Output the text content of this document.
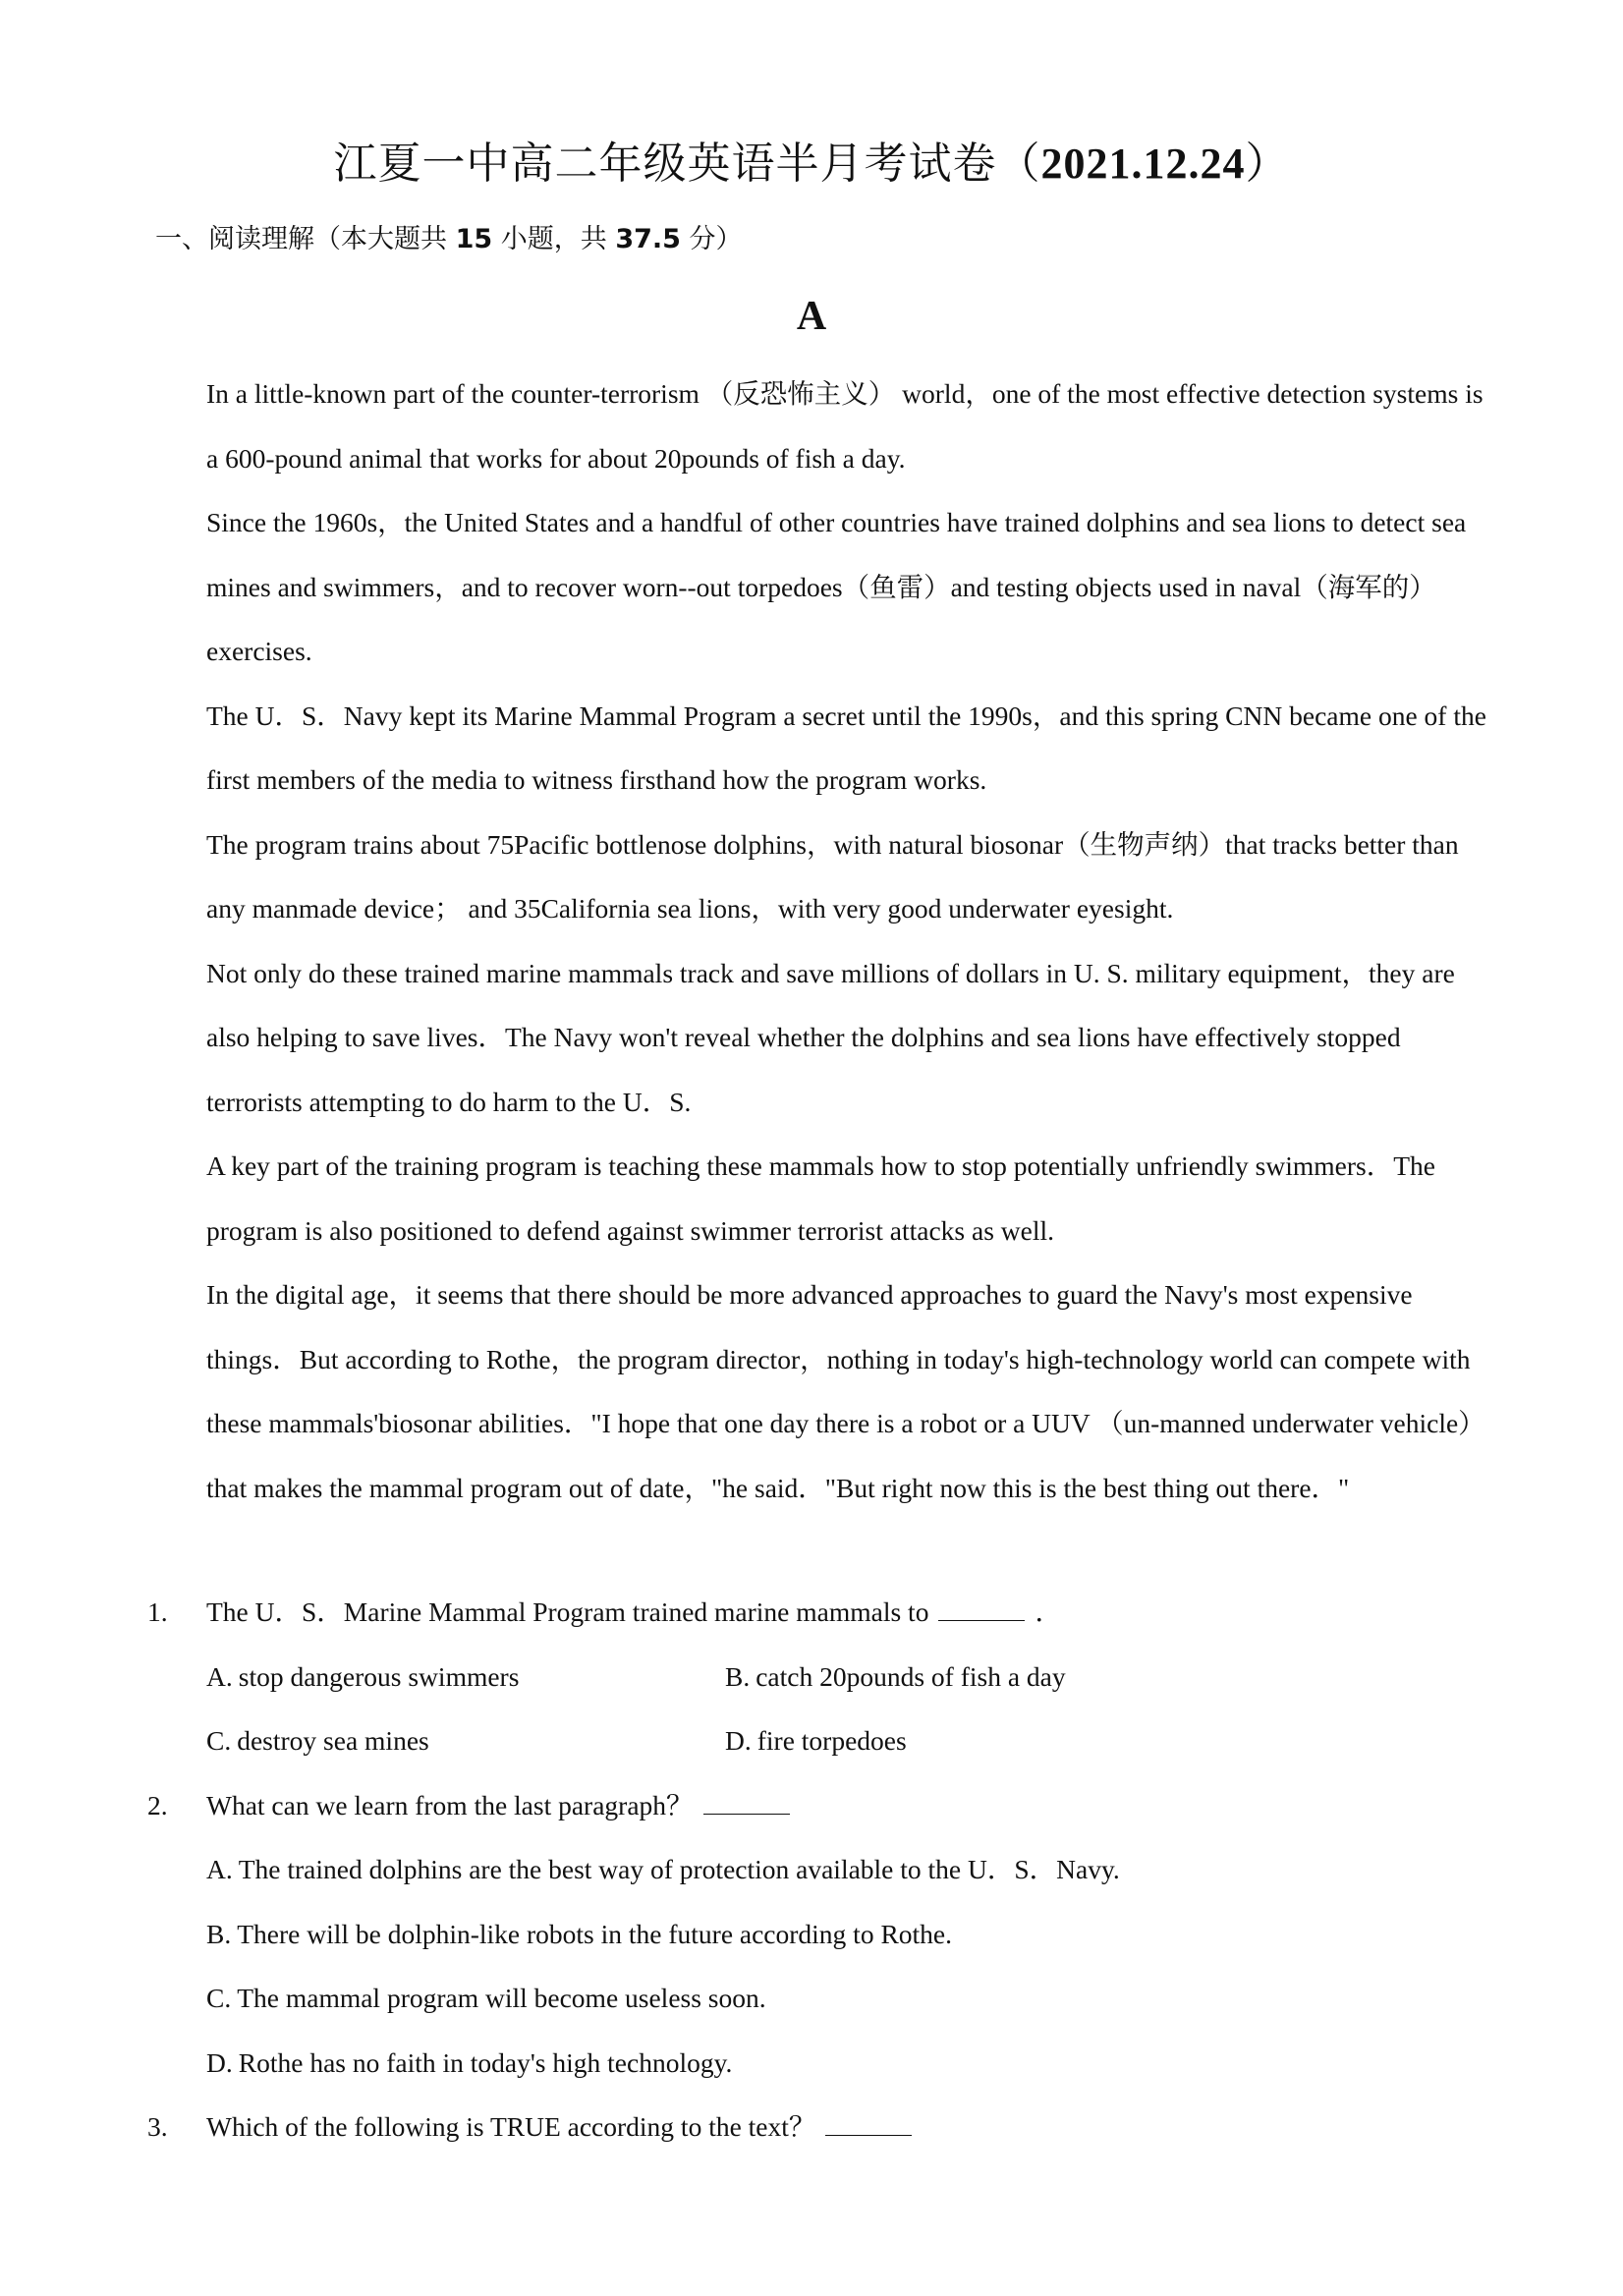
江夏一中高二年级英语半月考试卷（2021.12.24）
一、阅读理解（本大题共 15 小题，共 37.5 分）
A

In a little-known part of the counter-terrorism （反恐怖主义） world，one of the most effective detection systems is a 600-pound animal that works for about 20pounds of fish a day.

Since the 1960s，the United States and a handful of other countries have trained dolphins and sea lions to detect sea mines and swimmers，and to recover worn--out torpedoes（鱼雷）and testing objects used in naval（海军的） exercises.

The U．S．Navy kept its Marine Mammal Program a secret until the 1990s，and this spring CNN became one of the first members of the media to witness firsthand how the program works.

The program trains about 75Pacific bottlenose dolphins，with natural biosonar（生物声纳）that tracks better than any manmade device； and 35California sea lions，with very good underwater eyesight.

Not only do these trained marine mammals track and save millions of dollars in U. S. military equipment，they are also helping to save lives．The Navy won't reveal whether the dolphins and sea lions have effectively stopped terrorists attempting to do harm to the U．S.

A key part of the training program is teaching these mammals how to stop potentially unfriendly swimmers．The program is also positioned to defend against swimmer terrorist attacks as well.

In the digital age，it seems that there should be more advanced approaches to guard the Navy's most expensive things．But according to Rothe，the program director，nothing in today's high-technology world can compete with these mammals'biosonar abilities．"I hope that one day there is a robot or a UUV （un-manned underwater vehicle） that makes the mammal program out of date，"he said．"But right now this is the best thing out there．"

1.	The U．S．Marine Mammal Program trained marine mammals to	．
A. stop dangerous swimmers	B. catch 20pounds of fish a day
C. destroy sea mines	D. fire torpedoes
2.	What can we learn from the last paragraph？
A. The trained dolphins are the best way of protection available to the U．S．Navy.
B. There will be dolphin-like robots in the future according to Rothe.
C. The mammal program will become useless soon.
D. Rothe has no faith in today's high technology.
3.	Which of the following is TRUE according to the text？
